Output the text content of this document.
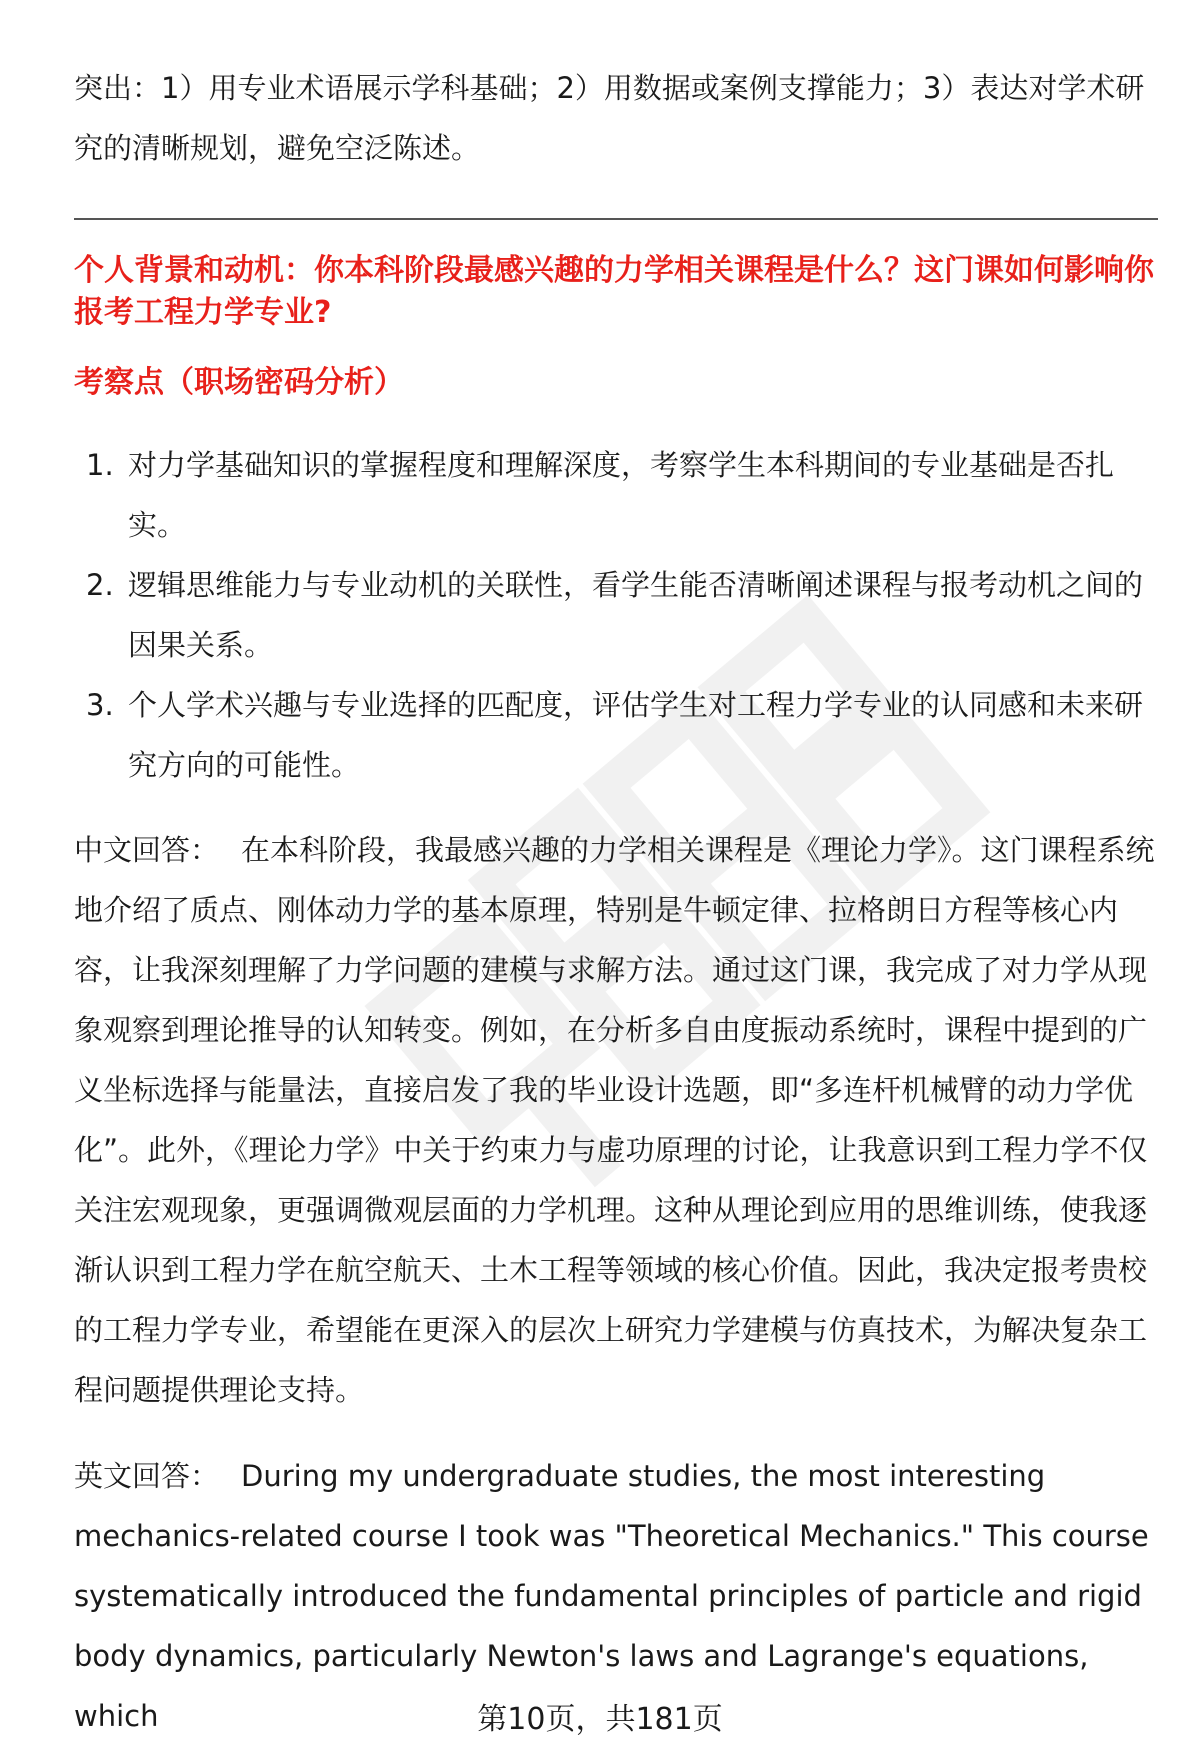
突出：1）用专业术语展示学科基础；2）用数据或案例支撑能力；3）表达对学术研究的清晰规划，避免空泛陈述。
个人背景和动机：你本科阶段最感兴趣的力学相关课程是什么？这门课如何影响你报考工程力学专业?
考察点（职场密码分析）
1. 对力学基础知识的掌握程度和理解深度，考察学生本科期间的专业基础是否扎实。
2. 逻辑思维能力与专业动机的关联性，看学生能否清晰阐述课程与报考动机之间的因果关系。
3. 个人学术兴趣与专业选择的匹配度，评估学生对工程力学专业的认同感和未来研究方向的可能性。
中文回答： 在本科阶段，我最感兴趣的力学相关课程是《理论力学》。这门课程系统地介绍了质点、刚体动力学的基本原理，特别是牛顿定律、拉格朗日方程等核心内容，让我深刻理解了力学问题的建模与求解方法。通过这门课，我完成了对力学从现象观察到理论推导的认知转变。例如，在分析多自由度振动系统时，课程中提到的广义坐标选择与能量法，直接启发了我的毕业设计选题，即“多连杆机械臂的动力学优化”。此外，《理论力学》中关于约束力与虚功原理的讨论，让我意识到工程力学不仅关注宏观现象，更强调微观层面的力学机理。这种从理论到应用的思维训练，使我逐渐认识到工程力学在航空航天、土木工程等领域的核心价值。因此，我决定报考贵校的工程力学专业，希望能在更深入的层次上研究力学建模与仿真技术，为解决复杂工程问题提供理论支持。
英文回答： During my undergraduate studies, the most interesting mechanics-related course I took was "Theoretical Mechanics." This course systematically introduced the fundamental principles of particle and rigid body dynamics, particularly Newton's laws and Lagrange's equations, which	第10页，共181页
